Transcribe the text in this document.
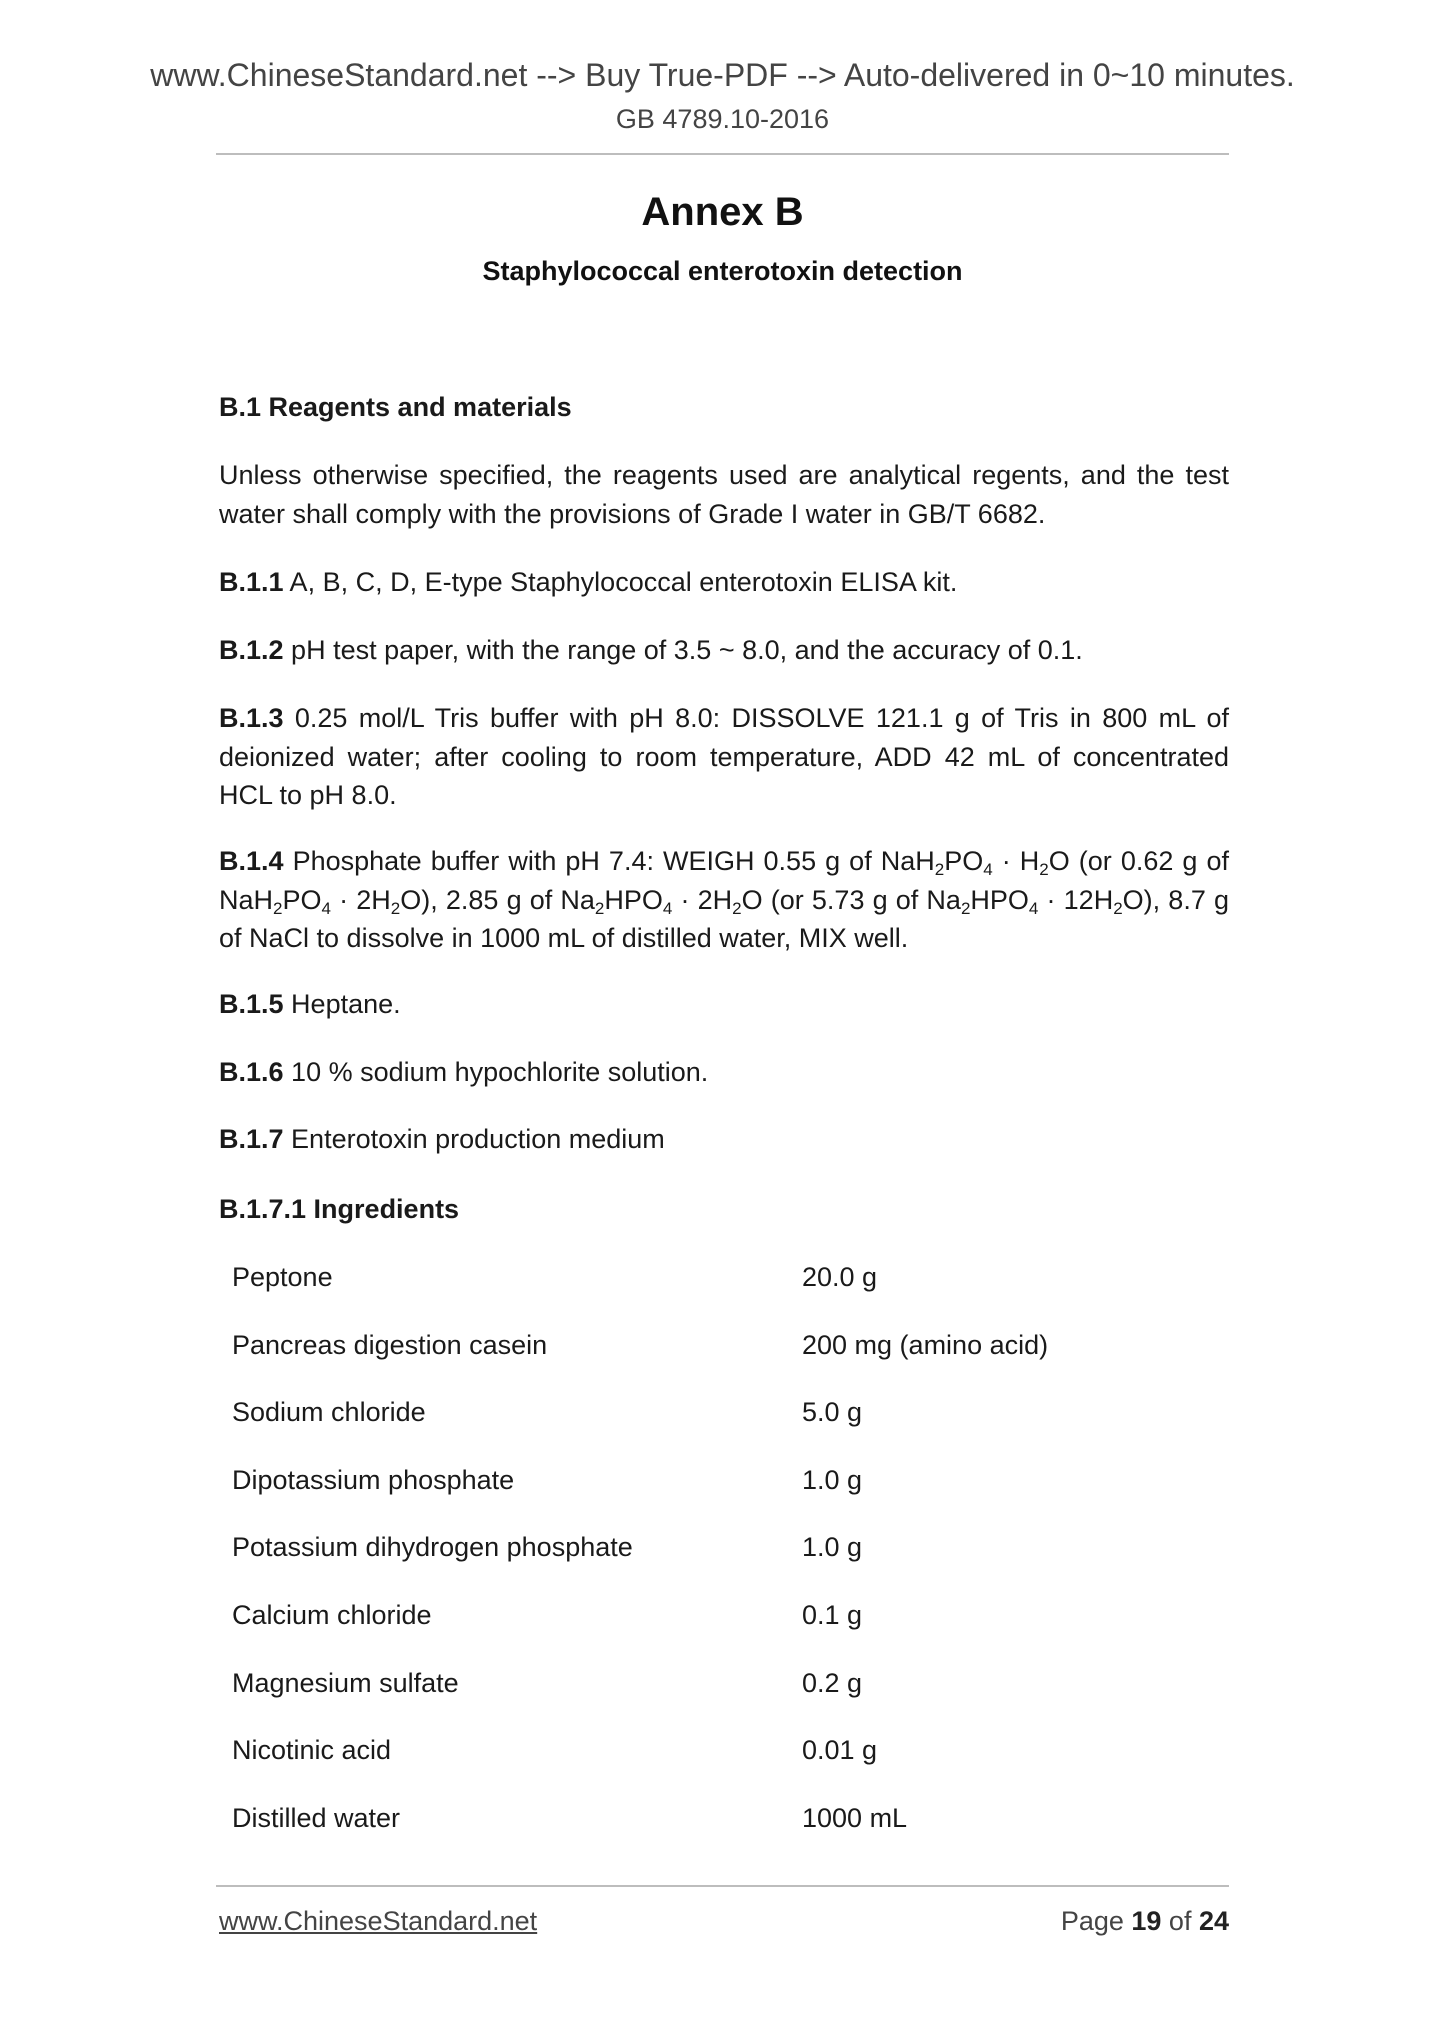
www.ChineseStandard.net --> Buy True-PDF --> Auto-delivered in 0~10 minutes.
GB 4789.10-2016
Annex B
Staphylococcal enterotoxin detection
B.1 Reagents and materials
Unless otherwise specified, the reagents used are analytical regents, and the test water shall comply with the provisions of Grade I water in GB/T 6682.
B.1.1 A, B, C, D, E-type Staphylococcal enterotoxin ELISA kit.
B.1.2 pH test paper, with the range of 3.5 ~ 8.0, and the accuracy of 0.1.
B.1.3 0.25 mol/L Tris buffer with pH 8.0: DISSOLVE 121.1 g of Tris in 800 mL of deionized water; after cooling to room temperature, ADD 42 mL of concentrated HCL to pH 8.0.
B.1.4 Phosphate buffer with pH 7.4: WEIGH 0.55 g of $NaH_2PO_4 \cdot H_2O$ (or 0.62 g of $NaH_2PO_4 \cdot 2H_2O$), 2.85 g of $Na_2HPO_4 \cdot 2H_2O$ (or 5.73 g of $Na_2HPO_4 \cdot 12H_2O$), 8.7 g of NaCl to dissolve in 1000 mL of distilled water, MIX well.
B.1.5 Heptane.
B.1.6 10 % sodium hypochlorite solution.
B.1.7 Enterotoxin production medium
B.1.7.1 Ingredients
Peptone	20.0 g
Pancreas digestion casein	200 mg (amino acid)
Sodium chloride	5.0 g
Dipotassium phosphate	1.0 g
Potassium dihydrogen phosphate	1.0 g
Calcium chloride	0.1 g
Magnesium sulfate	0.2 g
Nicotinic acid	0.01 g
Distilled water	1000 mL
www.ChineseStandard.net	Page 19 of 24
